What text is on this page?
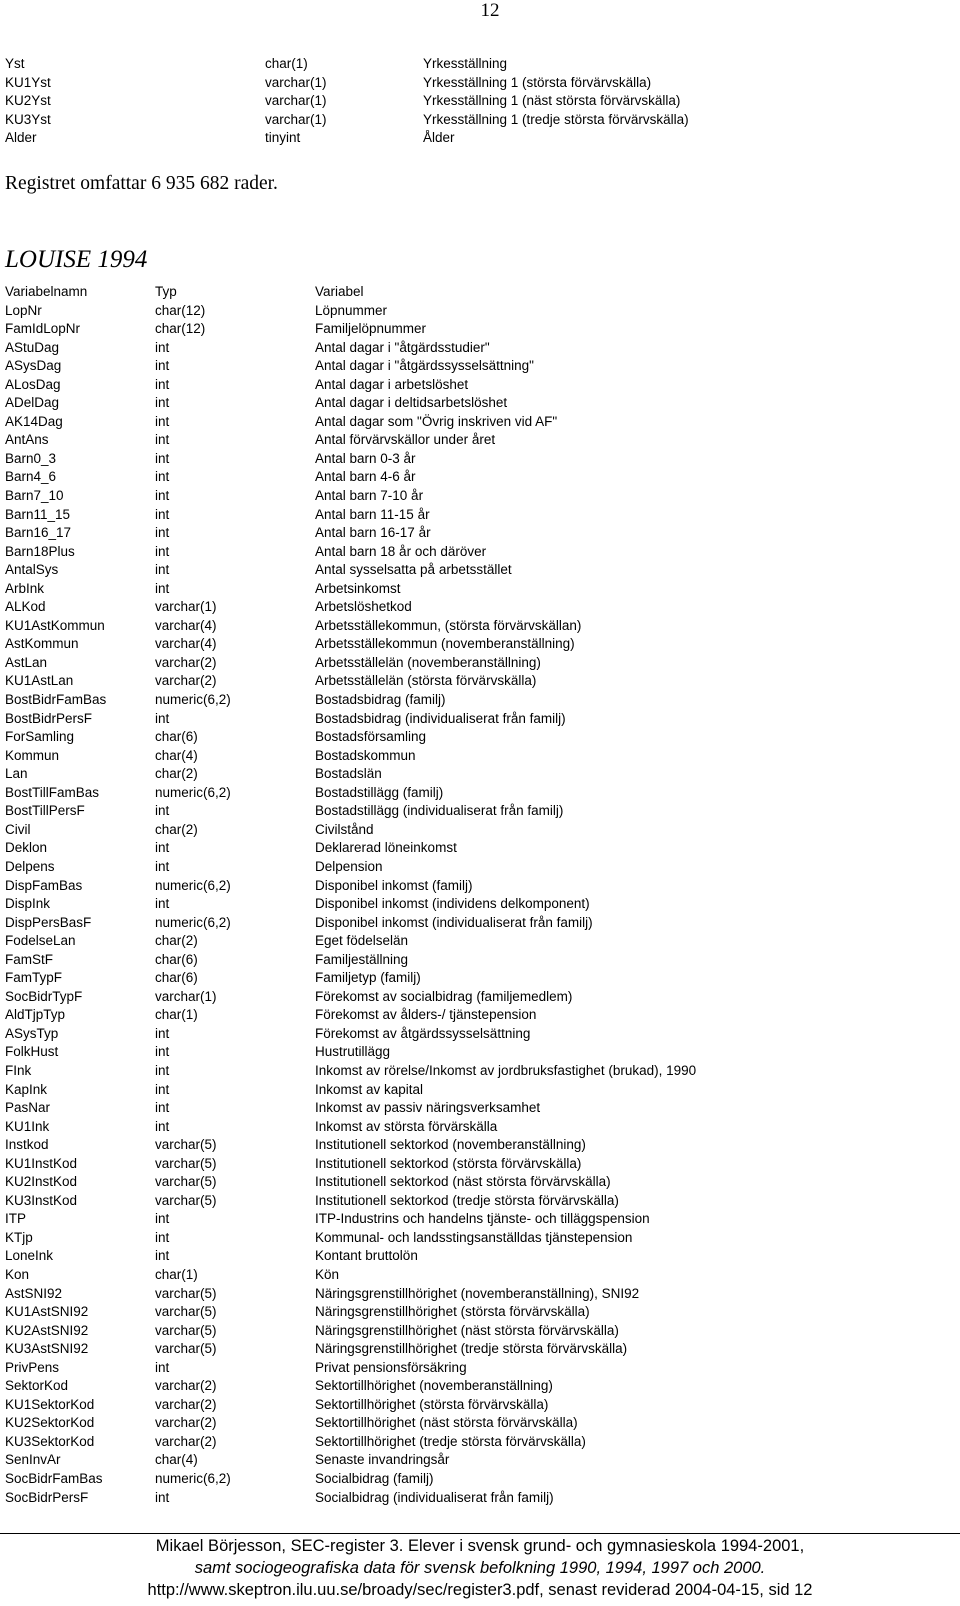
12
Yst	char(1)	Yrkesställning
KU1Yst	varchar(1)	Yrkesställning 1 (största förvärvskälla)
KU2Yst	varchar(1)	Yrkesställning 1 (näst största förvärvskälla)
KU3Yst	varchar(1)	Yrkesställning 1 (tredje största förvärvskälla)
Alder	tinyint	Ålder
Registret omfattar 6 935 682 rader.
LOUISE 1994
Variabelnamn	Typ	Variabel
LopNr	char(12)	Löpnummer
FamIdLopNr	char(12)	Familjelöpnummer
AStuDag	int	Antal dagar i "åtgärdsstudier"
ASysDag	int	Antal dagar i "åtgärdssysselsättning"
ALosDag	int	Antal dagar i arbetslöshet
ADelDag	int	Antal dagar i deltidsarbetslöshet
AK14Dag	int	Antal dagar som "Övrig inskriven vid AF"
AntAns	int	Antal förvärvskällor under året
Barn0_3	int	Antal barn 0-3 år
Barn4_6	int	Antal barn 4-6 år
Barn7_10	int	Antal barn 7-10 år
Barn11_15	int	Antal barn 11-15 år
Barn16_17	int	Antal barn 16-17 år
Barn18Plus	int	Antal barn 18 år och däröver
AntalSys	int	Antal sysselsatta på arbetsstället
ArbInk	int	Arbetsinkomst
ALKod	varchar(1)	Arbetslöshetkod
KU1AstKommun	varchar(4)	Arbetsställekommun, (största förvärvskällan)
AstKommun	varchar(4)	Arbetsställekommun (novemberanställning)
AstLan	varchar(2)	Arbetsställelän (novemberanställning)
KU1AstLan	varchar(2)	Arbetsställelän (största förvärvskälla)
BostBidrFamBas	numeric(6,2)	Bostadsbidrag (familj)
BostBidrPersF	int	Bostadsbidrag (individualiserat från familj)
ForSamling	char(6)	Bostadsförsamling
Kommun	char(4)	Bostadskommun
Lan	char(2)	Bostadslän
BostTillFamBas	numeric(6,2)	Bostadstillägg (familj)
BostTillPersF	int	Bostadstillägg (individualiserat från familj)
Civil	char(2)	Civilstånd
Deklon	int	Deklarerad löneinkomst
Delpens	int	Delpension
DispFamBas	numeric(6,2)	Disponibel inkomst (familj)
DispInk	int	Disponibel inkomst (individens delkomponent)
DispPersBasF	numeric(6,2)	Disponibel inkomst (individualiserat från familj)
FodelseLan	char(2)	Eget födelselän
FamStF	char(6)	Familjeställning
FamTypF	char(6)	Familjetyp (familj)
SocBidrTypF	varchar(1)	Förekomst av socialbidrag (familjemedlem)
AldTjpTyp	char(1)	Förekomst av ålders-/ tjänstepension
ASysTyp	int	Förekomst av åtgärdssysselsättning
FolkHust	int	Hustrutillägg
FInk	int	Inkomst av rörelse/Inkomst av jordbruksfastighet (brukad), 1990
KapInk	int	Inkomst av kapital
PasNar	int	Inkomst av passiv näringsverksamhet
KU1Ink	int	Inkomst av största förvärskälla
Instkod	varchar(5)	Institutionell sektorkod (novemberanställning)
KU1InstKod	varchar(5)	Institutionell sektorkod (största förvärvskälla)
KU2InstKod	varchar(5)	Institutionell sektorkod (näst största förvärvskälla)
KU3InstKod	varchar(5)	Institutionell sektorkod (tredje största förvärvskälla)
ITP	int	ITP-Industrins och handelns tjänste- och tilläggspension
KTjp	int	Kommunal- och landsstingsanställdas tjänstepension
LoneInk	int	Kontant bruttolön
Kon	char(1)	Kön
AstSNI92	varchar(5)	Näringsgrenstillhörighet (novemberanställning), SNI92
KU1AstSNI92	varchar(5)	Näringsgrenstillhörighet (största förvärvskälla)
KU2AstSNI92	varchar(5)	Näringsgrenstillhörighet (näst största förvärvskälla)
KU3AstSNI92	varchar(5)	Näringsgrenstillhörighet (tredje största förvärvskälla)
PrivPens	int	Privat pensionsförsäkring
SektorKod	varchar(2)	Sektortillhörighet (novemberanställning)
KU1SektorKod	varchar(2)	Sektortillhörighet (största förvärvskälla)
KU2SektorKod	varchar(2)	Sektortillhörighet (näst största förvärvskälla)
KU3SektorKod	varchar(2)	Sektortillhörighet (tredje största förvärvskälla)
SenInvAr	char(4)	Senaste invandringsår
SocBidrFamBas	numeric(6,2)	Socialbidrag (familj)
SocBidrPersF	int	Socialbidrag (individualiserat från familj)
Mikael Börjesson, SEC-register 3. Elever i svensk grund- och gymnasieskola 1994-2001,
samt sociogeografiska data för svensk befolkning 1990, 1994, 1997 och 2000.
http://www.skeptron.ilu.uu.se/broady/sec/register3.pdf, senast reviderad 2004-04-15, sid 12
